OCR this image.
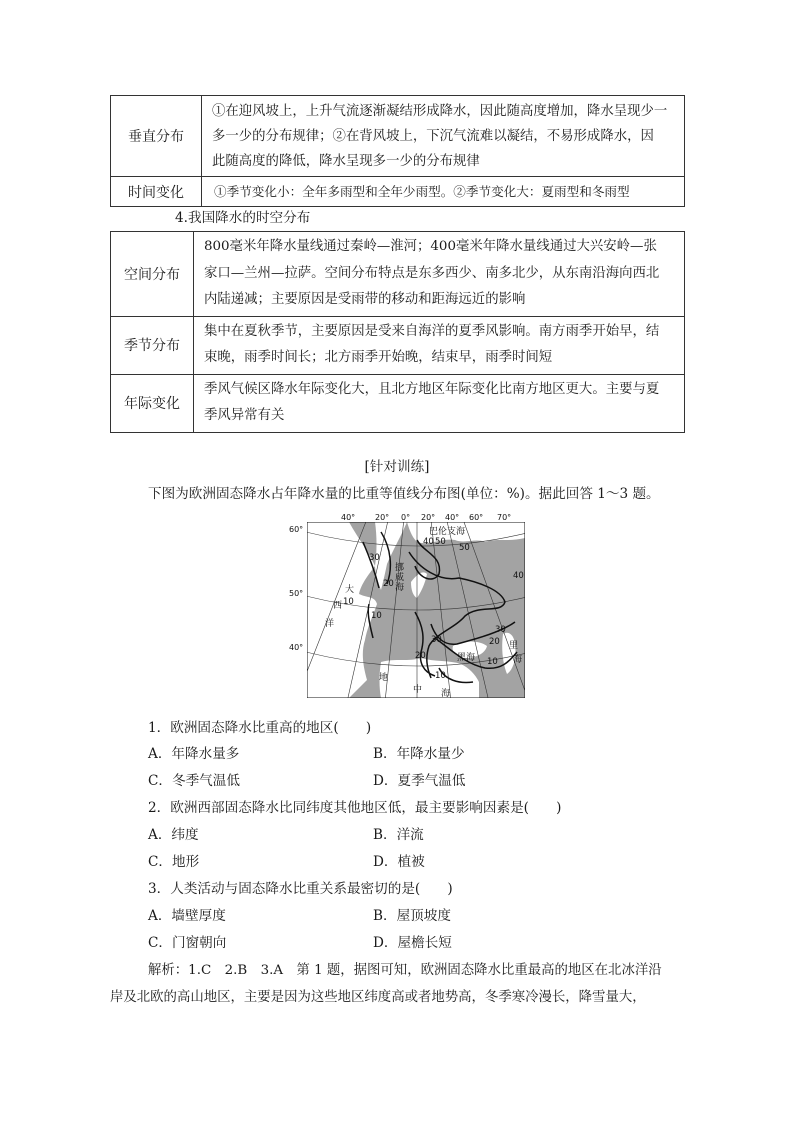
垂直分布	①在迎风坡上，上升气流逐渐凝结形成降水，因此随高度增加，降水呈现少一
多一少的分布规律；②在背风坡上，下沉气流难以凝结，不易形成降水，因
此随高度的降低，降水呈现多一少的分布规律

时间变化	①季节变化小：全年多雨型和全年少雨型。②季节变化大：夏雨型和冬雨型
4.我国降水的时空分布
空间分布	800毫米年降水量线通过秦岭—淮河；400毫米年降水量线通过大兴安岭—张
家口—兰州—拉萨。空间分布特点是东多西少、南多北少，从东南沿海向西北
内陆递减；主要原因是受雨带的移动和距海远近的影响

季节分布	集中在夏秋季节，主要原因是受来自海洋的夏季风影响。南方雨季开始早，结
束晚，雨季时间长；北方雨季开始晚，结束早，雨季时间短

年际变化	季风气候区降水年际变化大，且北方地区年际变化比南方地区更大。主要与夏
季风异常有关
[针对训练]
下图为欧洲固态降水占年降水量的比重等值线分布图(单位：%)。据此回答 1～3 题。
40° 20° 0° 20° 40° 60° 70°
60°
50°
40°
巴伦支海
挪
威
海
大
西
洋
黑海
里
海
地
中 海
40 50
50
40
30
20
10
30	20
30
10
20
10
10
1．欧洲固态降水比重高的地区(　　)
A．年降水量多	B．年降水量少
C．冬季气温低	D．夏季气温低
2．欧洲西部固态降水比同纬度其他地区低，最主要影响因素是(　　)
A．纬度	B．洋流
C．地形	D．植被
3．人类活动与固态降水比重关系最密切的是(　　)
A．墙壁厚度	B．屋顶坡度
C．门窗朝向	D．屋檐长短
解析：1.C　2.B　3.A　第 1 题，据图可知，欧洲固态降水比重最高的地区在北冰洋沿
岸及北欧的高山地区，主要是因为这些地区纬度高或者地势高，冬季寒冷漫长，降雪量大，
